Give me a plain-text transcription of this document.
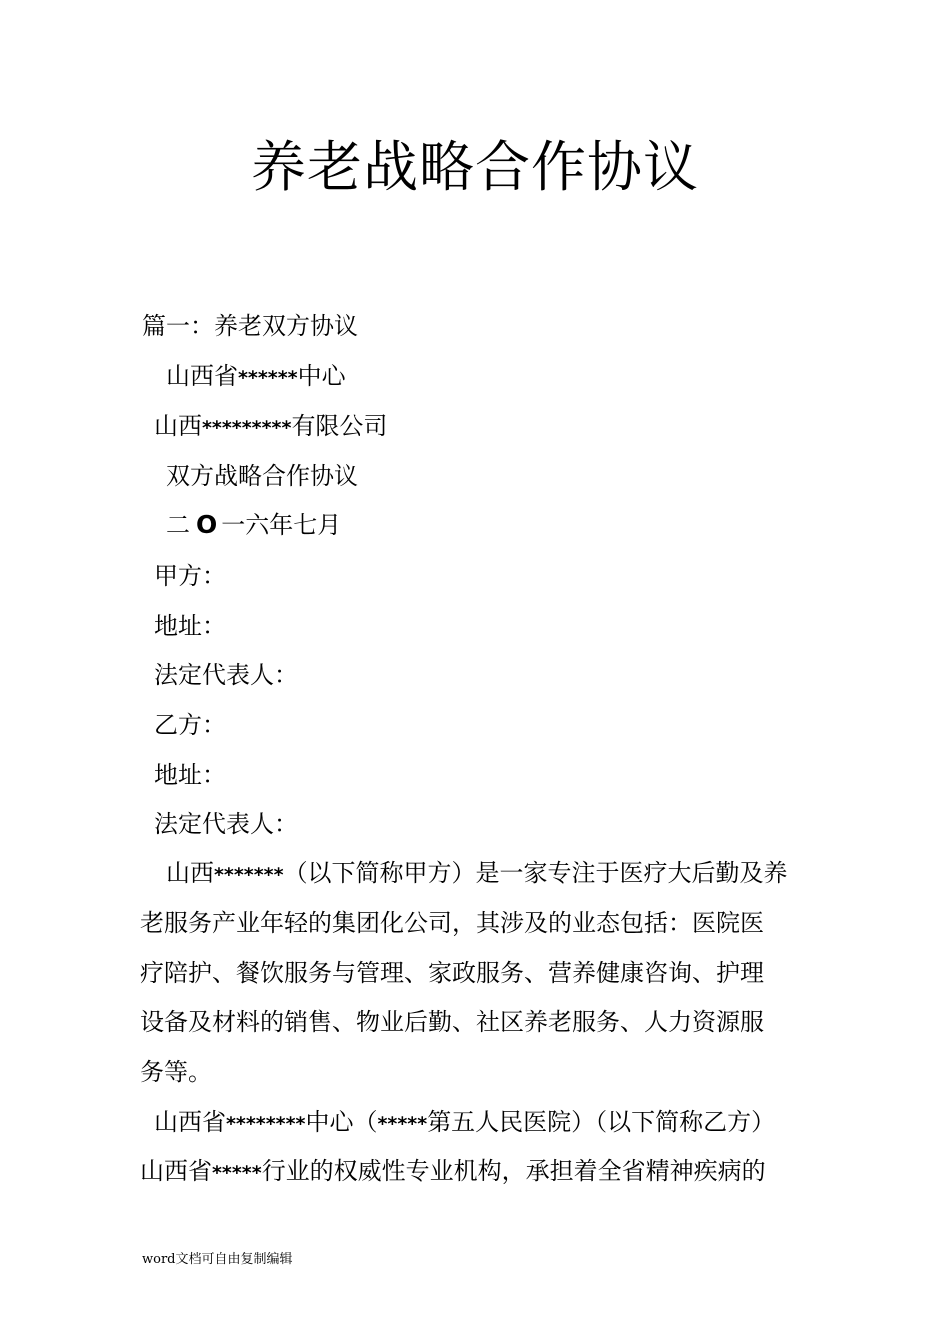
养老战略合作协议
篇一：养老双方协议
山西省******中心
山西*********有限公司
双方战略合作协议
二 O 一六年七月
甲方：
地址：
法定代表人：
乙方：
地址：
法定代表人：
山西*******（以下简称甲方）是一家专注于医疗大后勤及养
老服务产业年轻的集团化公司，其涉及的业态包括：医院医
疗陪护、餐饮服务与管理、家政服务、营养健康咨询、护理
设备及材料的销售、物业后勤、社区养老服务、人力资源服
务等。
山西省********中心（*****第五人民医院）（以下简称乙方）
山西省*****行业的权威性专业机构，承担着全省精神疾病的
word文档可自由复制编辑
